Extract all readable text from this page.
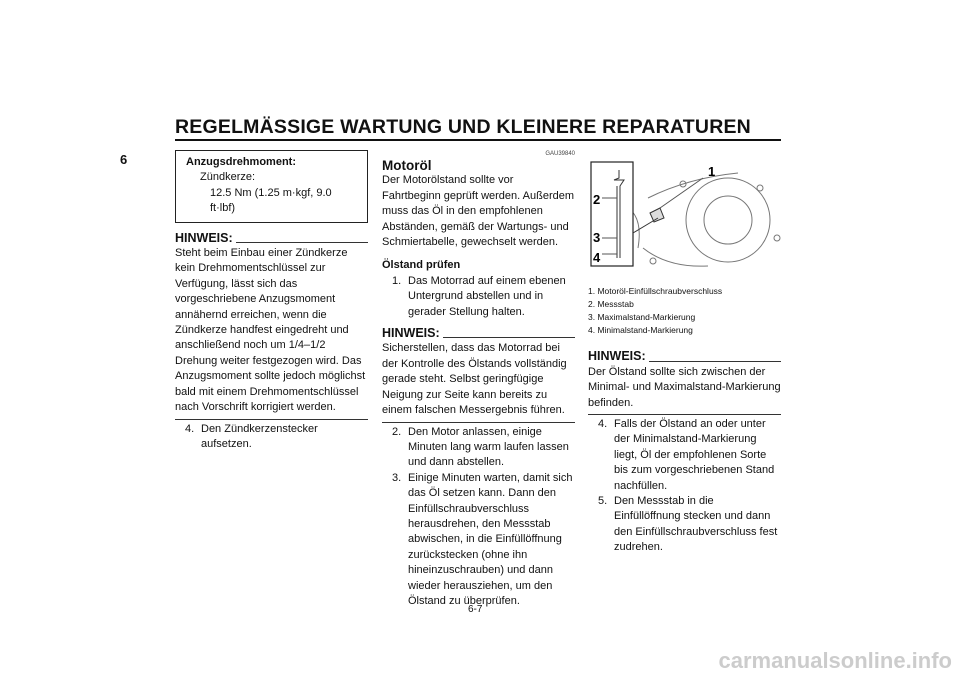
REGELMÄSSIGE WARTUNG UND KLEINERE REPARATUREN
6	Anzugsdrehmoment:
Zündkerze:
12.5 Nm (1.25 m·kgf, 9.0 ft·lbf)
HINWEIS:
Steht beim Einbau einer Zündkerze kein Drehmomentschlüssel zur Verfügung, lässt sich das vorgeschriebene Anzugsmoment annähernd erreichen, wenn die Zündkerze handfest eingedreht und anschließend noch um 1/4–1/2 Drehung weiter festgezogen wird. Das Anzugsmoment sollte jedoch möglichst bald mit einem Drehmomentschlüssel nach Vorschrift korrigiert werden.
4. Den Zündkerzenstecker aufsetzen.
GAU39840
Motoröl
Der Motorölstand sollte vor Fahrtbeginn geprüft werden. Außerdem muss das Öl in den empfohlenen Abständen, gemäß der Wartungs- und Schmiertabelle, gewechselt werden.
Ölstand prüfen
1. Das Motorrad auf einem ebenen Untergrund abstellen und in gerader Stellung halten.
HINWEIS:
Sicherstellen, dass das Motorrad bei der Kontrolle des Ölstands vollständig gerade steht. Selbst geringfügige Neigung zur Seite kann bereits zu einem falschen Messergebnis führen.
2. Den Motor anlassen, einige Minuten lang warm laufen lassen und dann abstellen.
3. Einige Minuten warten, damit sich das Öl setzen kann. Dann den Einfüllschraubverschluss herausdrehen, den Messstab abwischen, in die Einfüllöffnung zurückstecken (ohne ihn hineinzuschrauben) und dann wieder herausziehen, um den Ölstand zu überprüfen.
1
2
3
4
1. Motoröl-Einfüllschraubverschluss
2. Messstab
3. Maximalstand-Markierung
4. Minimalstand-Markierung
HINWEIS:
Der Ölstand sollte sich zwischen der Minimal- und Maximalstand-Markierung befinden.
4. Falls der Ölstand an oder unter der Minimalstand-Markierung liegt, Öl der empfohlenen Sorte bis zum vorgeschriebenen Stand nachfüllen.
5. Den Messstab in die Einfüllöffnung stecken und dann den Einfüllschraubverschluss fest zudrehen.
6-7
carmanualsonline.info
